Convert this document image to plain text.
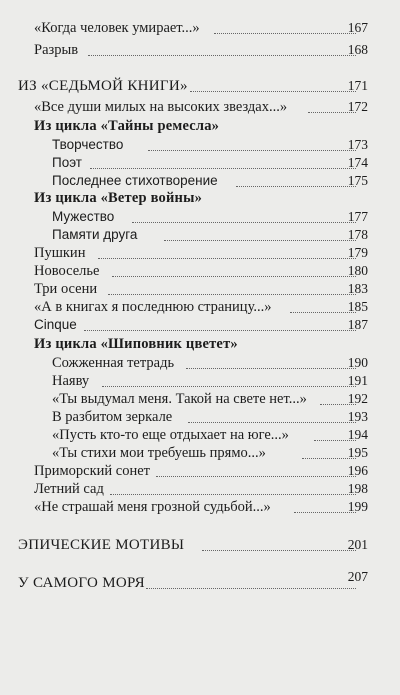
«Когда человек умирает...»	167
Разрыв	168
ИЗ «СЕДЬМОЙ КНИГИ»	171
«Все души милых на высоких звездах...»	172
Из цикла «Тайны ремесла»
Творчество	173
Поэт	174
Последнее стихотворение	175
Из цикла «Ветер войны»
Мужество	177
Памяти друга	178
Пушкин	179
Новоселье	180
Три осени	183
«А в книгах я последнюю страницу...»	185
Cinque	187
Из цикла «Шиповник цветет»
Сожженная тетрадь	190
Наяву	191
«Ты выдумал меня. Такой на свете нет...»	192
В разбитом зеркале	193
«Пусть кто-то еще отдыхает на юге...»	194
«Ты стихи мои требуешь прямо...»	195
Приморский сонет	196
Летний сад	198
«Не страшай меня грозной судьбой...»	199
ЭПИЧЕСКИЕ МОТИВЫ	201
У САМОГО МОРЯ	207
